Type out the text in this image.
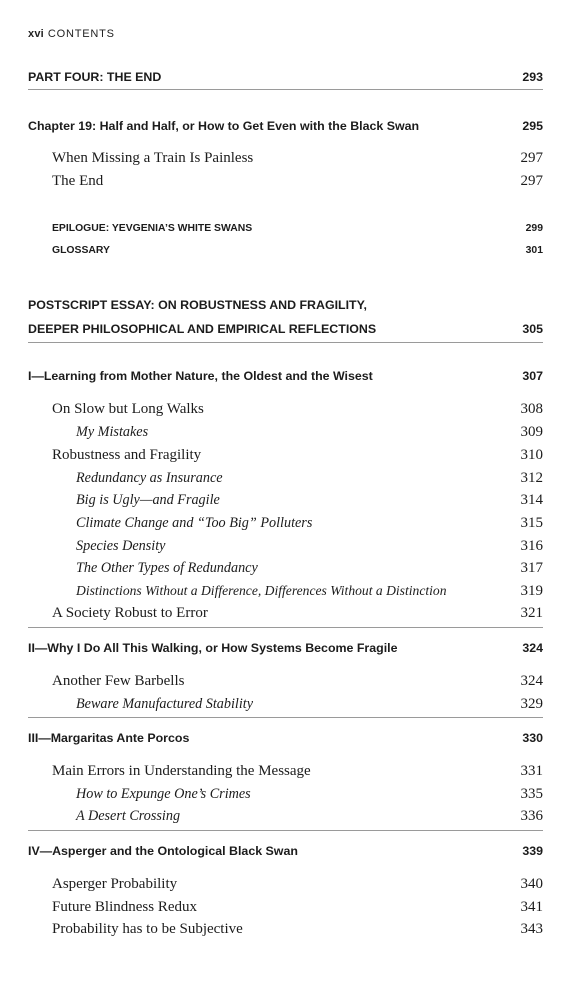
xvi CONTENTS
PART FOUR: THE END	293
Chapter 19: Half and Half, or How to Get Even with the Black Swan	295
When Missing a Train Is Painless	297
The End	297
EPILOGUE: YEVGENIA’S WHITE SWANS	299
GLOSSARY	301
POSTSCRIPT ESSAY: ON ROBUSTNESS AND FRAGILITY,
DEEPER PHILOSOPHICAL AND EMPIRICAL REFLECTIONS	305
I—Learning from Mother Nature, the Oldest and the Wisest	307
On Slow but Long Walks	308
My Mistakes	309
Robustness and Fragility	310
Redundancy as Insurance	312
Big is Ugly—and Fragile	314
Climate Change and “Too Big” Polluters	315
Species Density	316
The Other Types of Redundancy	317
Distinctions Without a Difference, Differences Without a Distinction	319
A Society Robust to Error	321
II—Why I Do All This Walking, or How Systems Become Fragile	324
Another Few Barbells	324
Beware Manufactured Stability	329
III—Margaritas Ante Porcos	330
Main Errors in Understanding the Message	331
How to Expunge One’s Crimes	335
A Desert Crossing	336
IV—Asperger and the Ontological Black Swan	339
Asperger Probability	340
Future Blindness Redux	341
Probability has to be Subjective	343
